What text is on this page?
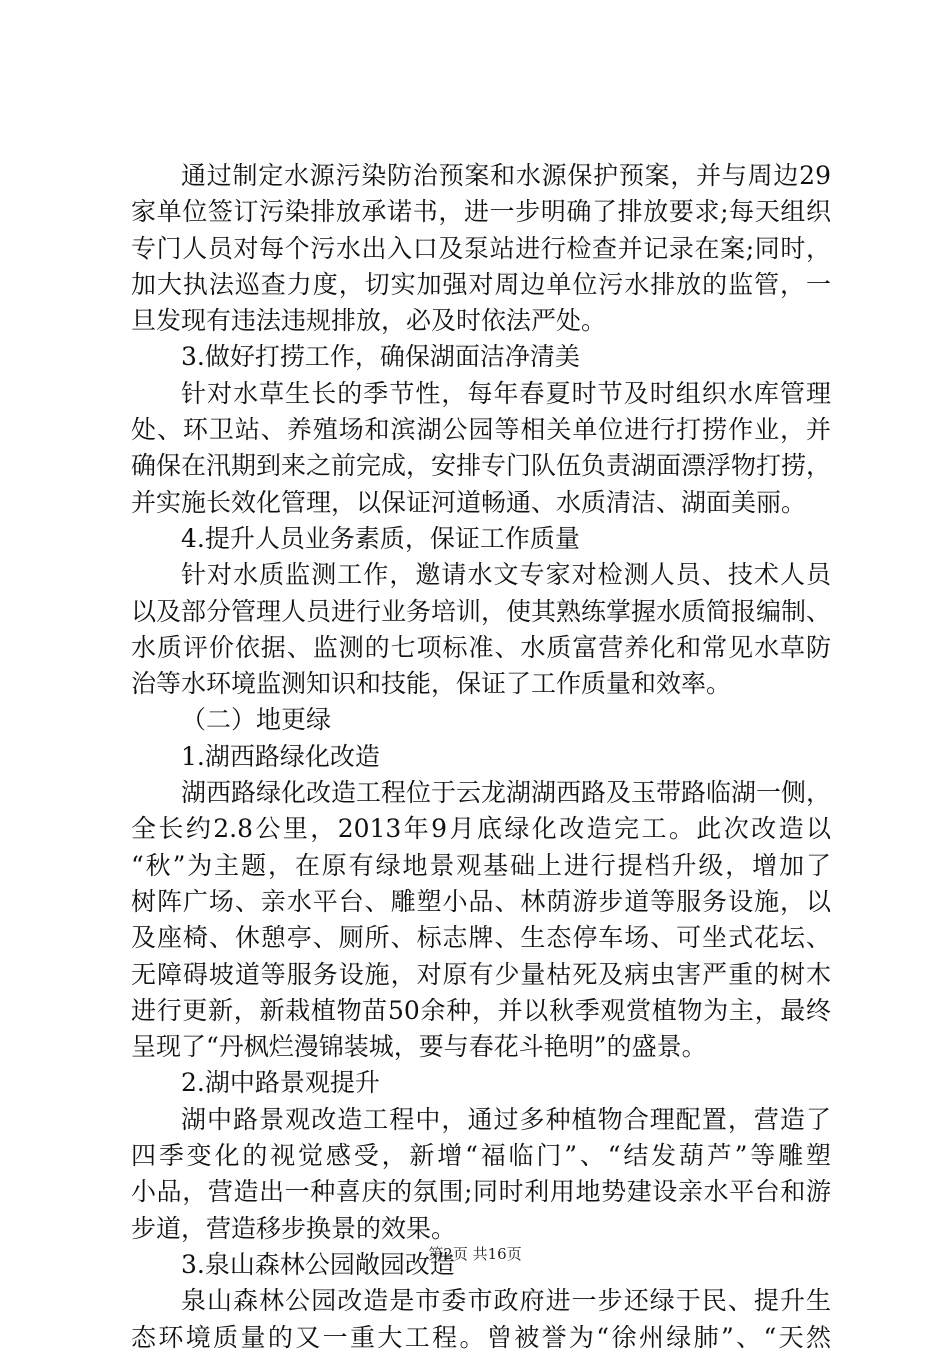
通过制定水源污染防治预案和水源保护预案，并与周边29
家单位签订污染排放承诺书，进一步明确了排放要求;每天组织
专门人员对每个污水出入口及泵站进行检查并记录在案;同时，
加大执法巡查力度，切实加强对周边单位污水排放的监管，一
旦发现有违法违规排放，必及时依法严处。
3.做好打捞工作，确保湖面洁净清美
针对水草生长的季节性，每年春夏时节及时组织水库管理
处、环卫站、养殖场和滨湖公园等相关单位进行打捞作业，并
确保在汛期到来之前完成，安排专门队伍负责湖面漂浮物打捞，
并实施长效化管理，以保证河道畅通、水质清洁、湖面美丽。
4.提升人员业务素质，保证工作质量
针对水质监测工作，邀请水文专家对检测人员、技术人员
以及部分管理人员进行业务培训，使其熟练掌握水质简报编制、
水质评价依据、监测的七项标准、水质富营养化和常见水草防
治等水环境监测知识和技能，保证了工作质量和效率。
（二）地更绿
1.湖西路绿化改造
湖西路绿化改造工程位于云龙湖湖西路及玉带路临湖一侧，
全长约2.8公里，2013年9月底绿化改造完工。此次改造以
“秋”为主题，在原有绿地景观基础上进行提档升级，增加了
树阵广场、亲水平台、雕塑小品、林荫游步道等服务设施，以
及座椅、休憩亭、厕所、标志牌、生态停车场、可坐式花坛、
无障碍坡道等服务设施，对原有少量枯死及病虫害严重的树木
进行更新，新栽植物苗50余种，并以秋季观赏植物为主，最终
呈现了“丹枫烂漫锦装城，要与春花斗艳明”的盛景。
2.湖中路景观提升
湖中路景观改造工程中，通过多种植物合理配置，营造了
四季变化的视觉感受，新增“福临门”、“结发葫芦”等雕塑
小品，营造出一种喜庆的氛围;同时利用地势建设亲水平台和游
步道，营造移步换景的效果。
3.泉山森林公园敞园改造
泉山森林公园改造是市委市政府进一步还绿于民、提升生
态环境质量的又一重大工程。曾被誉为“徐州绿肺”、“天然
第2页 共16页
